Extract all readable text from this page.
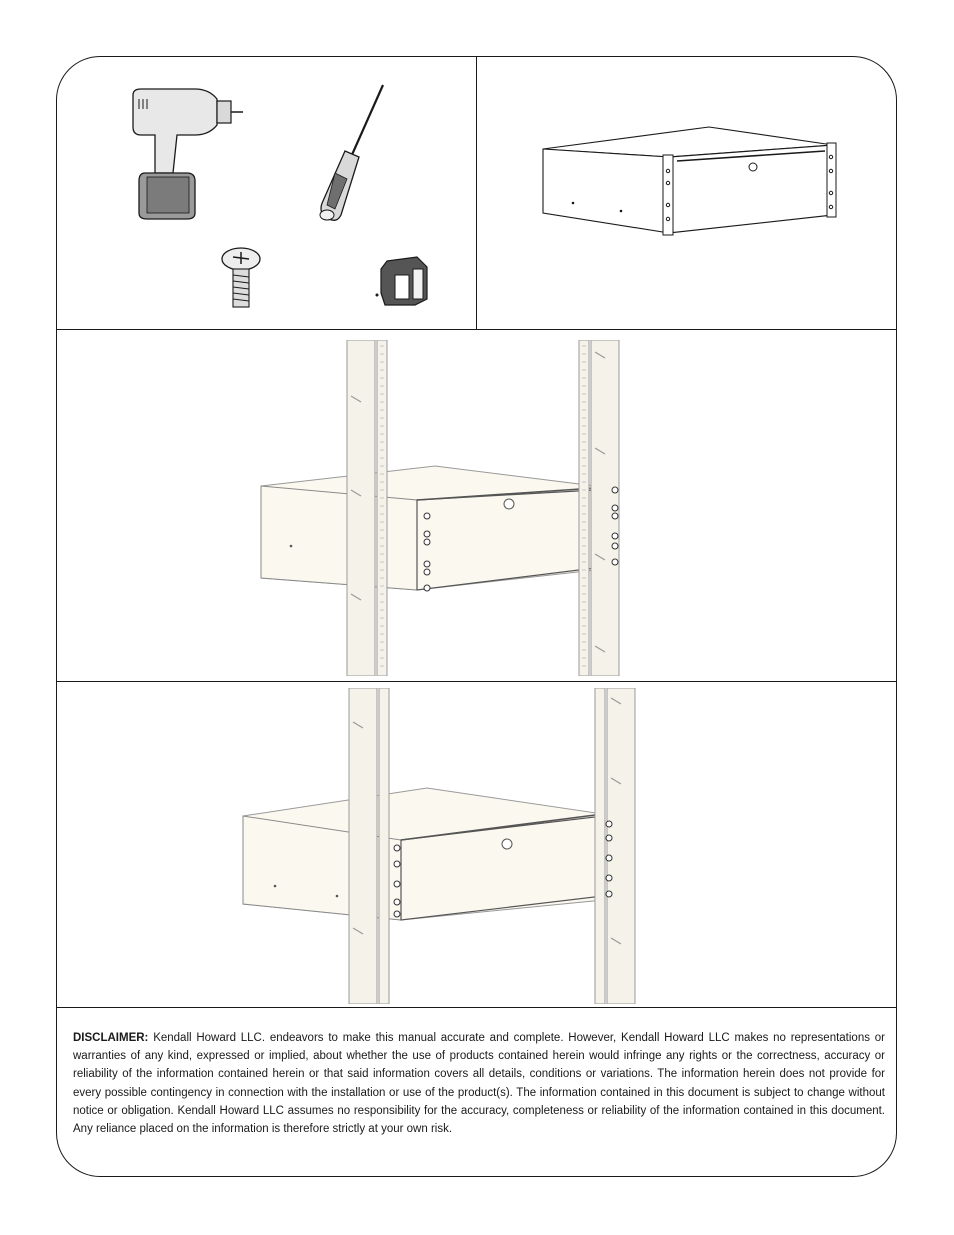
DISCLAIMER: Kendall Howard LLC. endeavors to make this manual accurate and complete. However, Kendall Howard LLC makes no representations or warranties of any kind, expressed or implied, about whether the use of products contained herein would infringe any rights or the correctness, accuracy or reliability of the information contained herein or that said information covers all details, conditions or variations. The information herein does not provide for every possible contingency in connection with the installation or use of the product(s). The information contained in this document is subject to change without notice or obligation. Kendall Howard LLC assumes no responsibility for the accuracy, completeness or reliability of the information contained in this document. Any reliance placed on the information is therefore strictly at your own risk.
